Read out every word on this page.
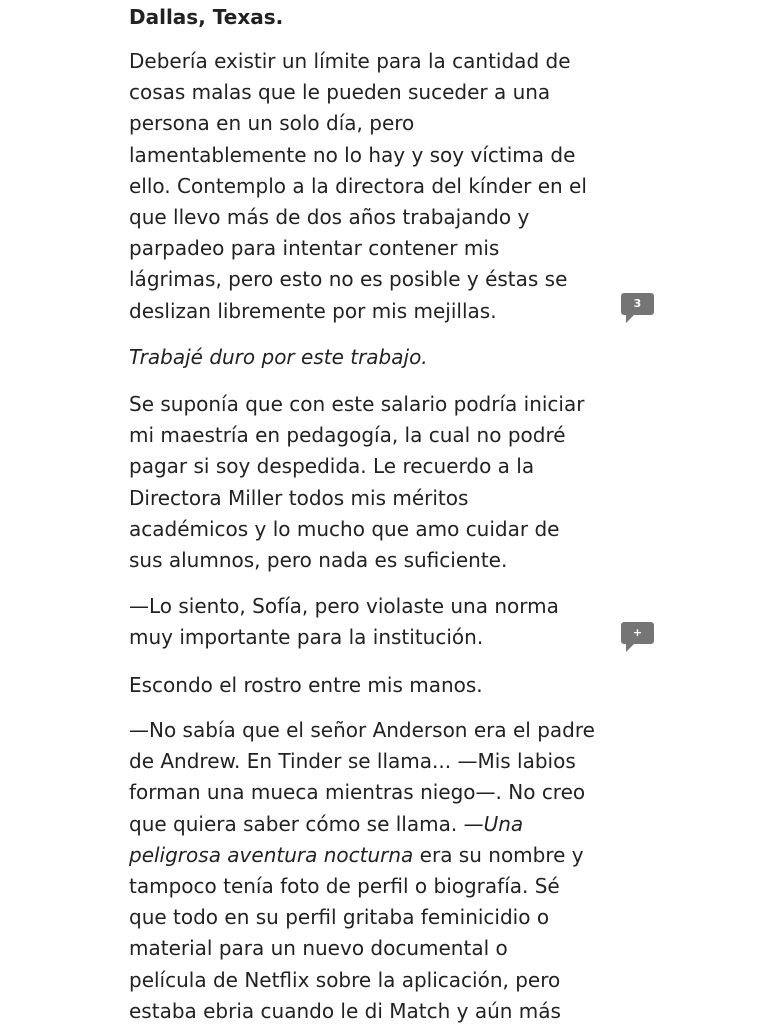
Dallas, Texas.
Debería existir un límite para la cantidad de
cosas malas que le pueden suceder a una
persona en un solo día, pero
lamentablemente no lo hay y soy víctima de
ello. Contemplo a la directora del kínder en el
que llevo más de dos años trabajando y
parpadeo para intentar contener mis
lágrimas, pero esto no es posible y éstas se
deslizan libremente por mis mejillas.
Trabajé duro por este trabajo.
Se suponía que con este salario podría iniciar
mi maestría en pedagogía, la cual no podré
pagar si soy despedida. Le recuerdo a la
Directora Miller todos mis méritos
académicos y lo mucho que amo cuidar de
sus alumnos, pero nada es suficiente.
—Lo siento, Sofía, pero violaste una norma
muy importante para la institución.
Escondo el rostro entre mis manos.
—No sabía que el señor Anderson era el padre
de Andrew. En Tinder se llama... —Mis labios
forman una mueca mientras niego—. No creo
que quiera saber cómo se llama. —Una
peligrosa aventura nocturna era su nombre y
tampoco tenía foto de perfil o biografía. Sé
que todo en su perfil gritaba feminicidio o
material para un nuevo documental o
película de Netflix sobre la aplicación, pero
estaba ebria cuando le di Match y aún más
3
+
